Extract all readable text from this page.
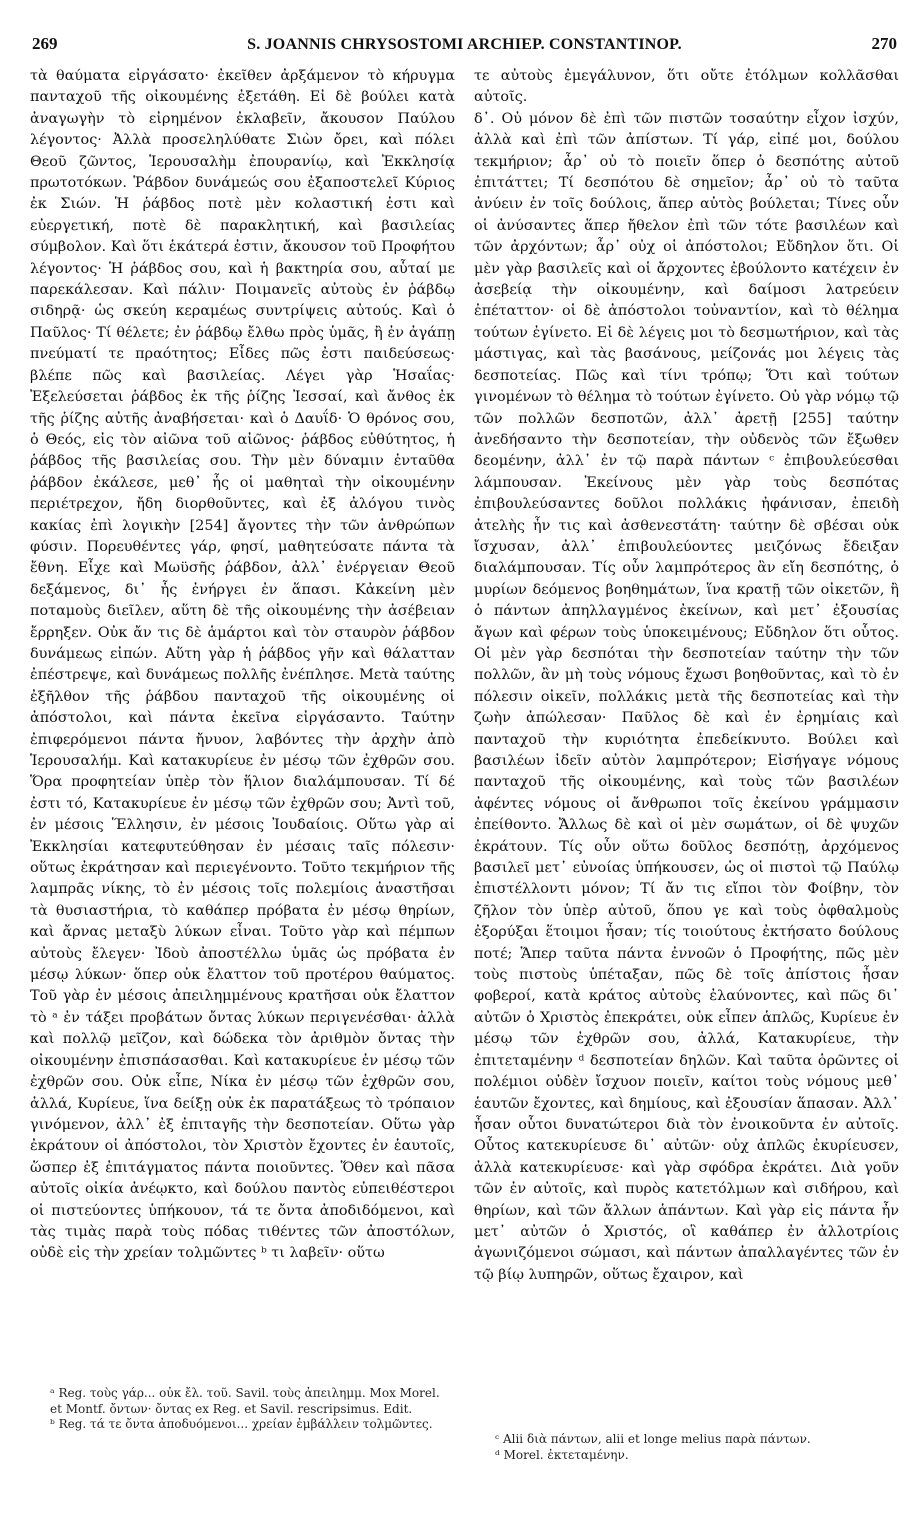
269	S. JOANNIS CHRYSOSTOMI ARCHIEP. CONSTANTINOP.	270

τὰ θαύματα εἰργάσατο· ἐκεῖθεν ἀρξάμενον τὸ κήρυγμα πανταχοῦ τῆς οἰκουμένης ἐξετάθη. Εἰ δὲ βούλει κατὰ ἀναγωγὴν τὸ εἰρημένον ἐκλαβεῖν, ἄκουσον Παύλου λέγοντος· Ἀλλὰ προσεληλύθατε Σιὼν ὄρει, καὶ πόλει Θεοῦ ζῶντος, Ἱερουσαλὴμ ἐπουρανίῳ, καὶ Ἐκκλησίᾳ πρωτοτόκων. Ῥάβδον δυνάμεώς σου ἐξαποστελεῖ Κύριος ἐκ Σιών. Ἡ ῥάβδος ποτὲ μὲν κολαστική ἐστι καὶ εὐεργετική, ποτὲ δὲ παρακλητική, καὶ βασιλείας σύμβολον. Καὶ ὅτι ἑκάτερά ἐστιν, ἄκουσον τοῦ Προφήτου λέγοντος· Ἡ ῥάβδος σου, καὶ ἡ βακτηρία σου, αὗταί με παρεκάλεσαν. Καὶ πάλιν· Ποιμανεῖς αὐτοὺς ἐν ῥάβδῳ σιδηρᾷ· ὡς σκεύη κεραμέως συντρίψεις αὐτούς. Καὶ ὁ Παῦλος· Τί θέλετε; ἐν ῥάβδῳ ἔλθω πρὸς ὑμᾶς, ἢ ἐν ἀγάπῃ πνεύματί τε πραότητος; Εἶδες πῶς ἐστι παιδεύσεως· βλέπε πῶς καὶ βασιλείας. Λέγει γὰρ Ἡσαΐας· Ἐξελεύσεται ῥάβδος ἐκ τῆς ῥίζης Ἰεσσαί, καὶ ἄνθος ἐκ τῆς ῥίζης αὐτῆς ἀναβήσεται· καὶ ὁ Δαυΐδ· Ὁ θρόνος σου, ὁ Θεός, εἰς τὸν αἰῶνα τοῦ αἰῶνος· ῥάβδος εὐθύτητος, ἡ ῥάβδος τῆς βασιλείας σου. Τὴν μὲν δύναμιν ἐνταῦθα ῥάβδον ἐκάλεσε, μεθ᾽ ἧς οἱ μαθηταὶ τὴν οἰκουμένην περιέτρεχον, ἤδη διορθοῦντες, καὶ ἐξ ἀλόγου τινὸς κακίας ἐπὶ λογικὴν [254] ἄγοντες τὴν τῶν ἀνθρώπων φύσιν. Πορευθέντες γάρ, φησί, μαθητεύσατε πάντα τὰ ἔθνη. Εἶχε καὶ Μωϋσῆς ῥάβδον, ἀλλ᾽ ἐνέργειαν Θεοῦ δεξάμενος, δι᾽ ἧς ἐνήργει ἐν ἅπασι. Κἀκείνη μὲν ποταμοὺς διεῖλεν, αὕτη δὲ τῆς οἰκουμένης τὴν ἀσέβειαν ἔρρηξεν. Οὐκ ἄν τις δὲ ἁμάρτοι καὶ τὸν σταυρὸν ῥάβδον δυνάμεως εἰπών. Αὕτη γὰρ ἡ ῥάβδος γῆν καὶ θάλατταν ἐπέστρεψε, καὶ δυνάμεως πολλῆς ἐνέπλησε. Μετὰ ταύτης ἐξῆλθον τῆς ῥάβδου πανταχοῦ τῆς οἰκουμένης οἱ ἀπόστολοι, καὶ πάντα ἐκεῖνα εἰργάσαντο. Ταύτην ἐπιφερόμενοι πάντα ἤνυον, λαβόντες τὴν ἀρχὴν ἀπὸ Ἱερουσαλήμ. Καὶ κατακυρίευε ἐν μέσῳ τῶν ἐχθρῶν σου. Ὅρα προφητείαν ὑπὲρ τὸν ἥλιον διαλάμπουσαν. Τί δέ ἐστι τό, Κατακυρίευε ἐν μέσῳ τῶν ἐχθρῶν σου; Ἀντὶ τοῦ, ἐν μέσοις Ἕλλησιν, ἐν μέσοις Ἰουδαίοις. Οὕτω γὰρ αἱ Ἐκκλησίαι κατεφυτεύθησαν ἐν μέσαις ταῖς πόλεσιν· οὕτως ἐκράτησαν καὶ περιεγένοντο. Τοῦτο τεκμήριον τῆς λαμπρᾶς νίκης, τὸ ἐν μέσοις τοῖς πολεμίοις ἀναστῆσαι τὰ θυσιαστήρια, τὸ καθάπερ πρόβατα ἐν μέσῳ θηρίων, καὶ ἄρνας μεταξὺ λύκων εἶναι. Τοῦτο γὰρ καὶ πέμπων αὐτοὺς ἔλεγεν· Ἰδοὺ ἀποστέλλω ὑμᾶς ὡς πρόβατα ἐν μέσῳ λύκων· ὅπερ οὐκ ἔλαττον τοῦ προτέρου θαύματος. Τοῦ γὰρ ἐν μέσοις ἀπειλημμένους κρατῆσαι οὐκ ἔλαττον τὸ ᵃ ἐν τάξει προβάτων ὄντας λύκων περιγενέσθαι· ἀλλὰ καὶ πολλῷ μεῖζον, καὶ δώδεκα τὸν ἀριθμὸν ὄντας τὴν οἰκουμένην ἐπισπάσασθαι. Καὶ κατακυρίευε ἐν μέσῳ τῶν ἐχθρῶν σου. Οὐκ εἶπε, Νίκα ἐν μέσῳ τῶν ἐχθρῶν σου, ἀλλά, Κυρίευε, ἵνα δείξῃ οὐκ ἐκ παρατάξεως τὸ τρόπαιον γινόμενον, ἀλλ᾽ ἐξ ἐπιταγῆς τὴν δεσποτείαν. Οὕτω γὰρ ἐκράτουν οἱ ἀπόστολοι, τὸν Χριστὸν ἔχοντες ἐν ἑαυτοῖς, ὥσπερ ἐξ ἐπιτάγματος πάντα ποιοῦντες. Ὅθεν καὶ πᾶσα αὐτοῖς οἰκία ἀνέῳκτο, καὶ δούλου παντὸς εὐπειθέστεροι οἱ πιστεύοντες ὑπήκουον, τά τε ὄντα ἀποδιδόμενοι, καὶ τὰς τιμὰς παρὰ τοὺς πόδας τιθέντες τῶν ἀποστόλων, οὐδὲ εἰς τὴν χρείαν τολμῶντες ᵇ τι λαβεῖν· οὕτω

τε αὐτοὺς ἐμεγάλυνον, ὅτι οὔτε ἐτόλμων κολλᾶσθαι αὐτοῖς.

δ᾽. Οὐ μόνον δὲ ἐπὶ τῶν πιστῶν τοσαύτην εἶχον ἰσχύν, ἀλλὰ καὶ ἐπὶ τῶν ἀπίστων. Τί γάρ, εἰπέ μοι, δούλου τεκμήριον; ἆρ᾽ οὐ τὸ ποιεῖν ὅπερ ὁ δεσπότης αὐτοῦ ἐπιτάττει; Τί δεσπότου δὲ σημεῖον; ἆρ᾽ οὐ τὸ ταῦτα ἀνύειν ἐν τοῖς δούλοις, ἅπερ αὐτὸς βούλεται; Τίνες οὖν οἱ ἀνύσαντες ἅπερ ἤθελον ἐπὶ τῶν τότε βασιλέων καὶ τῶν ἀρχόντων; ἆρ᾽ οὐχ οἱ ἀπόστολοι; Εὔδηλον ὅτι. Οἱ μὲν γὰρ βασιλεῖς καὶ οἱ ἄρχοντες ἐβούλοντο κατέχειν ἐν ἀσεβείᾳ τὴν οἰκουμένην, καὶ δαίμοσι λατρεύειν ἐπέταττον· οἱ δὲ ἀπόστολοι τοὐναντίον, καὶ τὸ θέλημα τούτων ἐγίνετο. Εἰ δὲ λέγεις μοι τὸ δεσμωτήριον, καὶ τὰς μάστιγας, καὶ τὰς βασάνους, μείζονάς μοι λέγεις τὰς δεσποτείας. Πῶς καὶ τίνι τρόπῳ; Ὅτι καὶ τούτων γινομένων τὸ θέλημα τὸ τούτων ἐγίνετο. Οὐ γὰρ νόμῳ τῷ τῶν πολλῶν δεσποτῶν, ἀλλ᾽ ἀρετῇ [255] ταύτην ἀνεδήσαντο τὴν δεσποτείαν, τὴν οὐδενὸς τῶν ἔξωθεν δεομένην, ἀλλ᾽ ἐν τῷ παρὰ πάντων ᶜ ἐπιβουλεύεσθαι λάμπουσαν. Ἐκείνους μὲν γὰρ τοὺς δεσπότας ἐπιβουλεύσαντες δοῦλοι πολλάκις ἠφάνισαν, ἐπειδὴ ἀτελὴς ἦν τις καὶ ἀσθενεστάτη· ταύτην δὲ σβέσαι οὐκ ἴσχυσαν, ἀλλ᾽ ἐπιβουλεύοντες μειζόνως ἔδειξαν διαλάμπουσαν. Τίς οὖν λαμπρότερος ἂν εἴη δεσπότης, ὁ μυρίων δεόμενος βοηθημάτων, ἵνα κρατῇ τῶν οἰκετῶν, ἢ ὁ πάντων ἀπηλλαγμένος ἐκείνων, καὶ μετ᾽ ἐξουσίας ἄγων καὶ φέρων τοὺς ὑποκειμένους; Εὔδηλον ὅτι οὗτος. Οἱ μὲν γὰρ δεσπόται τὴν δεσποτείαν ταύτην τὴν τῶν πολλῶν, ἂν μὴ τοὺς νόμους ἔχωσι βοηθοῦντας, καὶ τὸ ἐν πόλεσιν οἰκεῖν, πολλάκις μετὰ τῆς δεσποτείας καὶ τὴν ζωὴν ἀπώλεσαν· Παῦλος δὲ καὶ ἐν ἐρημίαις καὶ πανταχοῦ τὴν κυριότητα ἐπεδείκνυτο. Βούλει καὶ βασιλέων ἰδεῖν αὐτὸν λαμπρότερον; Εἰσήγαγε νόμους πανταχοῦ τῆς οἰκουμένης, καὶ τοὺς τῶν βασιλέων ἀφέντες νόμους οἱ ἄνθρωποι τοῖς ἐκείνου γράμμασιν ἐπείθοντο. Ἄλλως δὲ καὶ οἱ μὲν σωμάτων, οἱ δὲ ψυχῶν ἐκράτουν. Τίς οὖν οὕτω δοῦλος δεσπότῃ, ἀρχόμενος βασιλεῖ μετ᾽ εὐνοίας ὑπήκουσεν, ὡς οἱ πιστοὶ τῷ Παύλῳ ἐπιστέλλοντι μόνον; Τί ἄν τις εἴποι τὸν Φοίβην, τὸν ζῆλον τὸν ὑπὲρ αὐτοῦ, ὅπου γε καὶ τοὺς ὀφθαλμοὺς ἐξορύξαι ἕτοιμοι ἦσαν; τίς τοιούτους ἐκτήσατο δούλους ποτέ; Ἅπερ ταῦτα πάντα ἐννοῶν ὁ Προφήτης, πῶς μὲν τοὺς πιστοὺς ὑπέταξαν, πῶς δὲ τοῖς ἀπίστοις ἦσαν φοβεροί, κατὰ κράτος αὐτοὺς ἐλαύνοντες, καὶ πῶς δι᾽ αὐτῶν ὁ Χριστὸς ἐπεκράτει, οὐκ εἶπεν ἁπλῶς, Κυρίευε ἐν μέσῳ τῶν ἐχθρῶν σου, ἀλλά, Κατακυρίευε, τὴν ἐπιτεταμένην ᵈ δεσποτείαν δηλῶν. Καὶ ταῦτα ὁρῶντες οἱ πολέμιοι οὐδὲν ἴσχυον ποιεῖν, καίτοι τοὺς νόμους μεθ᾽ ἑαυτῶν ἔχοντες, καὶ δημίους, καὶ ἐξουσίαν ἅπασαν. Ἀλλ᾽ ἦσαν οὗτοι δυνατώτεροι διὰ τὸν ἐνοικοῦντα ἐν αὐτοῖς. Οὗτος κατεκυρίευσε δι᾽ αὐτῶν· οὐχ ἁπλῶς ἐκυρίευσεν, ἀλλὰ κατεκυρίευσε· καὶ γὰρ σφόδρα ἐκράτει. Διὰ γοῦν τῶν ἐν αὐτοῖς, καὶ πυρὸς κατετόλμων καὶ σιδήρου, καὶ θηρίων, καὶ τῶν ἄλλων ἁπάντων. Καὶ γὰρ εἰς πάντα ἦν μετ᾽ αὐτῶν ὁ Χριστός, οἳ καθάπερ ἐν ἀλλοτρίοις ἀγωνιζόμενοι σώμασι, καὶ πάντων ἀπαλλαγέντες τῶν ἐν τῷ βίῳ λυπηρῶν, οὕτως ἔχαιρον, καὶ

ᵃ Reg. τοὺς γάρ... οὐκ ἔλ. τοῦ. Savil. τοὺς ἀπειλημμ. Mox Morel. et Montf. ὄντων· ὄντας ex Reg. et Savil. rescripsimus. Edit.

ᵇ Reg. τά τε ὄντα ἀποδυόμενοι... χρείαν ἐμβάλλειν τολμῶντες.

ᶜ Alii διὰ πάντων, alii et longe melius παρὰ πάντων.

ᵈ Morel. ἐκτεταμένην.
